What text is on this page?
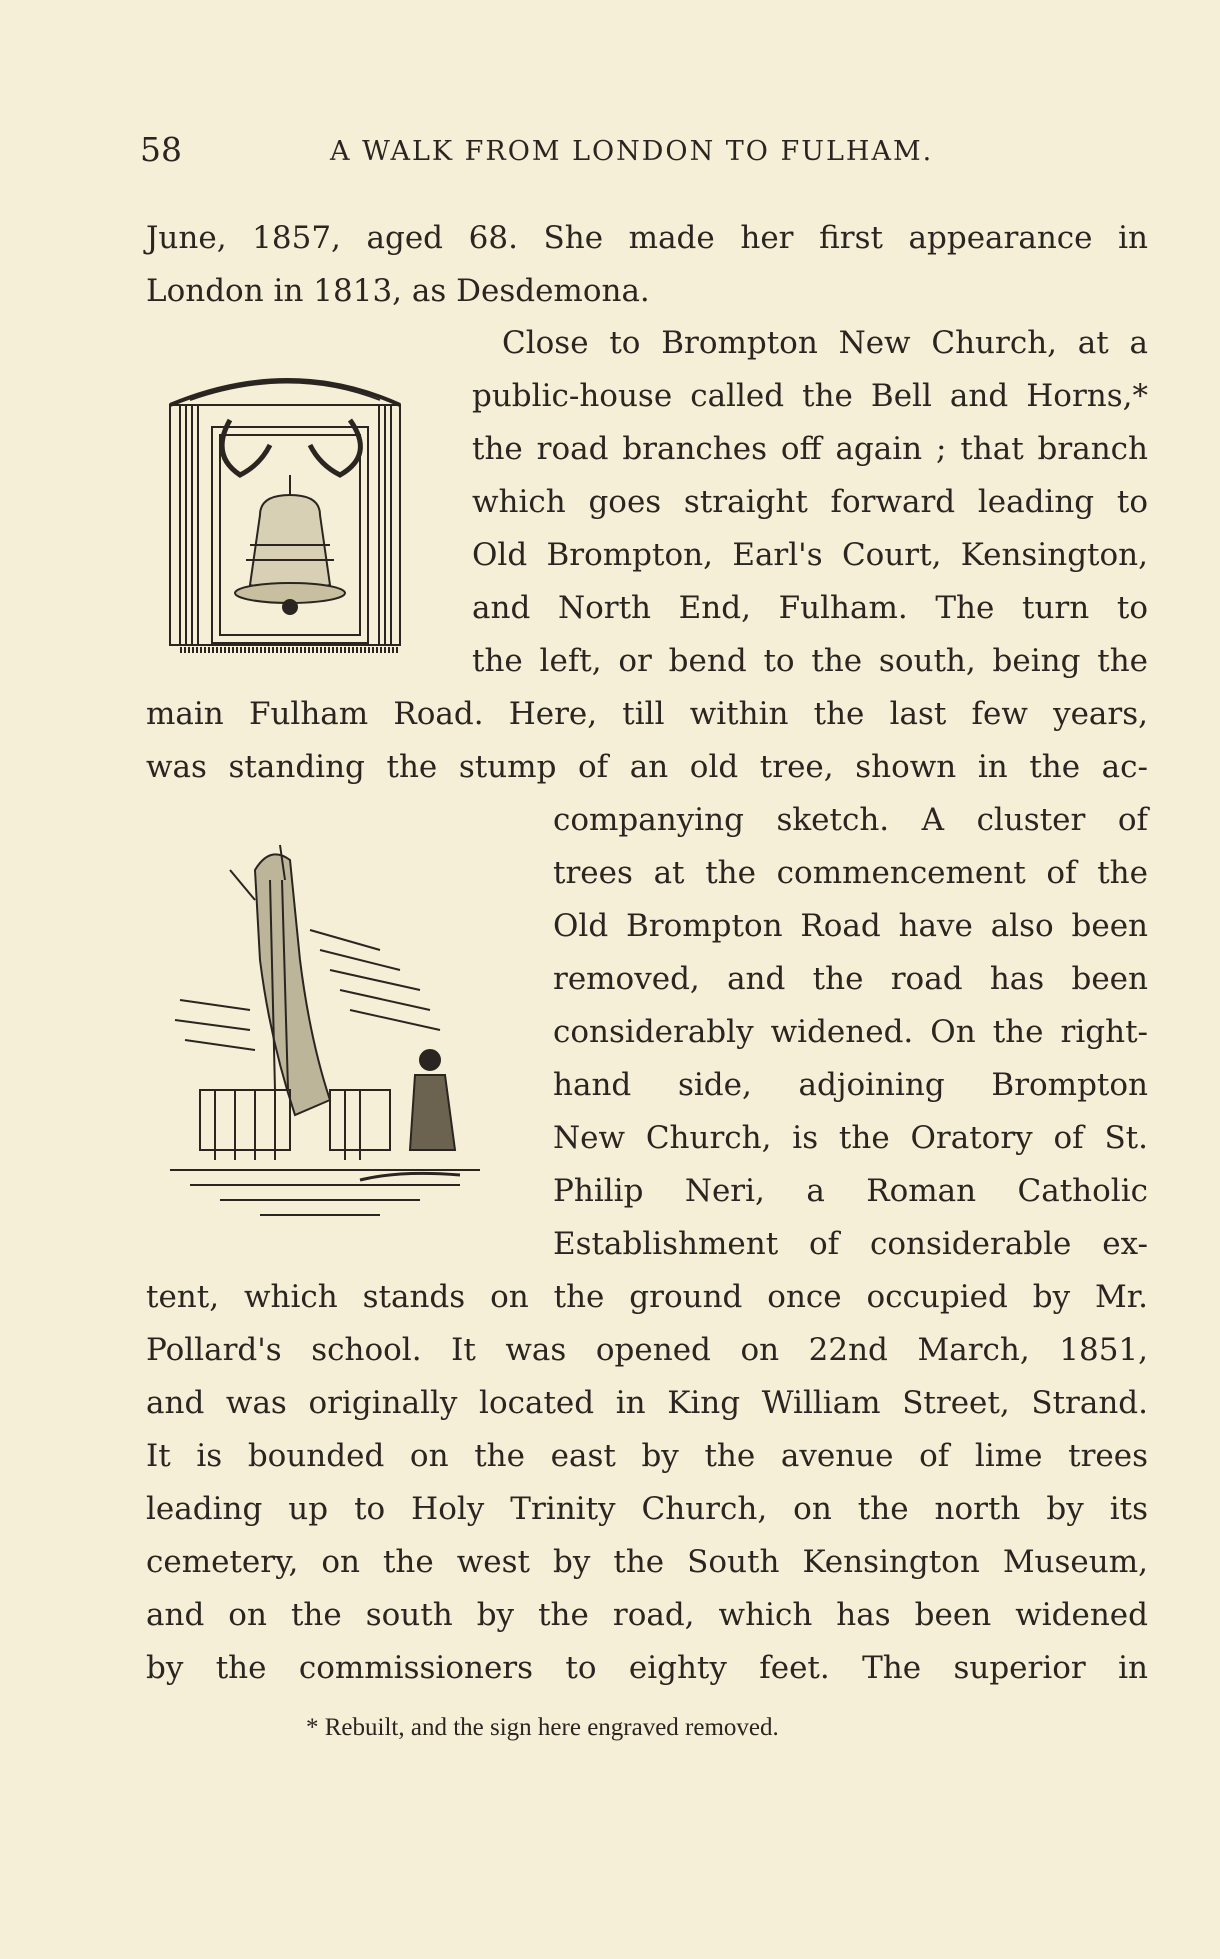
58	A WALK FROM LONDON TO FULHAM.
June, 1857, aged 68. She made her first appearance in
London in 1813, as Desdemona.
Close to Brompton New Church, at a
public-house called the Bell and Horns,*
the road branches off again ; that branch
which goes straight forward leading to
Old Brompton, Earl's Court, Kensington,
and North End, Fulham. The turn to
the left, or bend to the south, being the
main Fulham Road. Here, till within the last few years,
was standing the stump of an old tree, shown in the ac-
companying sketch. A cluster of
trees at the commencement of the
Old Brompton Road have also been
removed, and the road has been
considerably widened. On the right-
hand side, adjoining Brompton
New Church, is the Oratory of St.
Philip Neri, a Roman Catholic
Establishment of considerable ex-
tent, which stands on the ground once occupied by Mr.
Pollard's school. It was opened on 22nd March, 1851,
and was originally located in King William Street, Strand.
It is bounded on the east by the avenue of lime trees
leading up to Holy Trinity Church, on the north by its
cemetery, on the west by the South Kensington Museum,
and on the south by the road, which has been widened
by the commissioners to eighty feet. The superior in
* Rebuilt, and the sign here engraved removed.
